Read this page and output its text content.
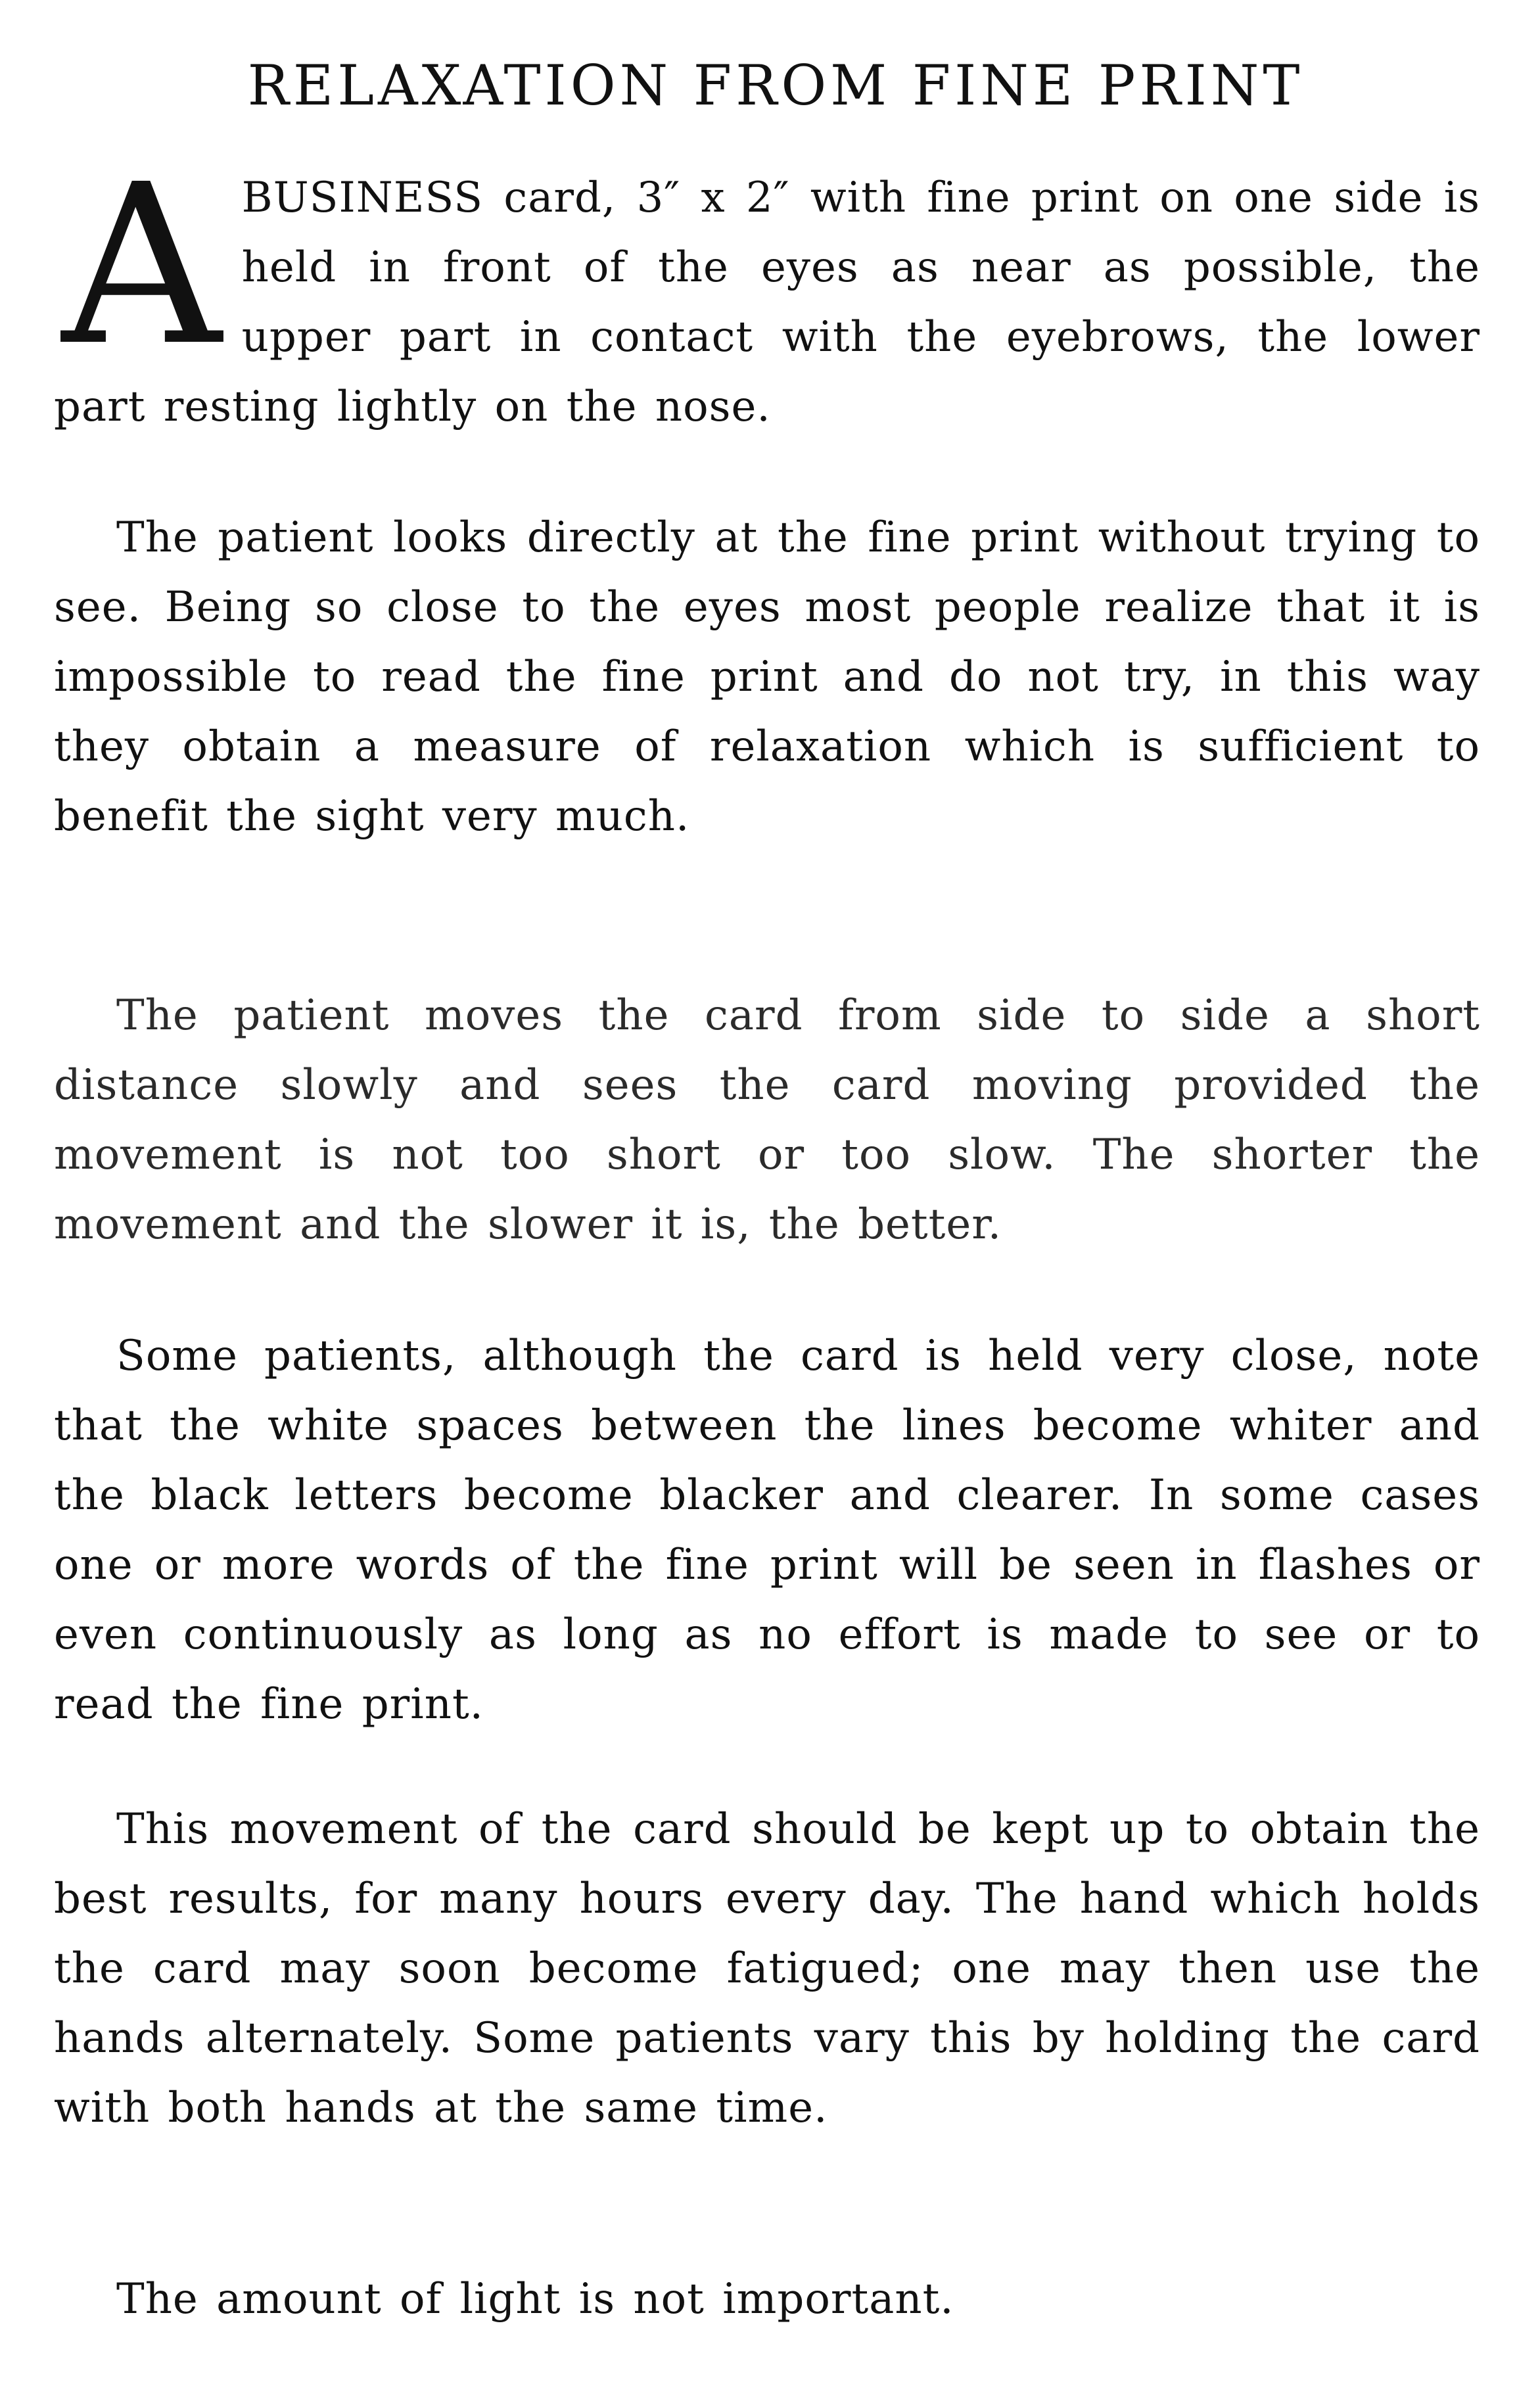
RELAXATION FROM FINE PRINT

ABUSINESS card, 3″ x 2″ with fine print on one side is held in front of the eyes as near as possible, the upper part in contact with the eyebrows, the lower part resting lightly on the nose.

The patient looks directly at the fine print without trying to see. Being so close to the eyes most people realize that it is impossible to read the fine print and do not try, in this way they obtain a measure of relaxation which is sufficient to benefit the sight very much.

The patient moves the card from side to side a short distance slowly and sees the card moving provided the movement is not too short or too slow. The shorter the movement and the slower it is, the better.

Some patients, although the card is held very close, note that the white spaces between the lines become whiter and the black letters become blacker and clearer. In some cases one or more words of the fine print will be seen in flashes or even continuously as long as no effort is made to see or to read the fine print.

This movement of the card should be kept up to obtain the best results, for many hours every day. The hand which holds the card may soon become fatigued; one may then use the hands alternately. Some patients vary this by holding the card with both hands at the same time.

The amount of light is not important.
